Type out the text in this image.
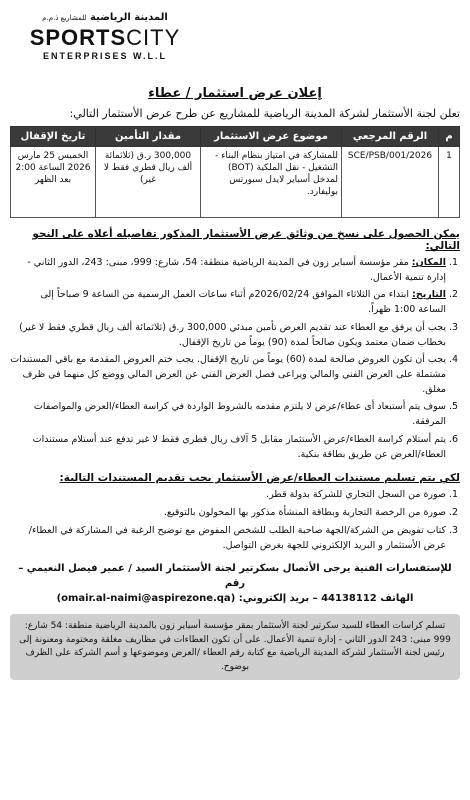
المدينة الرياضية للمشاريع ذ.م.م
SPORTSCITY
ENTERPRISES W.L.L
إعلان عرض استثمار / عطاء
تعلن لجنة الأستثمار لشركة المدينة الرياضية للمشاريع عن طرح عرض الأستثمار التالي:
م	الرقم المرجعي	موضوع عرض الاستثمار	مقدار التأمين	تاريخ الإقفال
1	SCE/PSB/001/2026	للمشاركة في امتياز بنظام البناء - التشغيل - نقل الملكية (BOT) لمدخل أسباير لايدل سبورتس بوليفارد.	300,000 ر.ق (ثلاثمائة ألف ريال قطري فقط لا غير)	الخميس 25 مارس 2026 الساعة 2:00 بعد الظهر
يمكن الحصول على نسخ من وثائق عرض الأستثمار المذكور تفاصيله أعلاه على النحو التالي:
1. المكان: مقر مؤسسة أسباير زون في المدينة الرياضية منطقة: 54، شارع: 999، مبنى: 243، الدور الثاني - إدارة تنمية الأعمال.
2. التاريخ: ابتداء من الثلاثاء الموافق 2026/02/24م أثناء ساعات العمل الرسمية من الساعة 9 صباحاً إلى الساعة 1:00 ظهراً.
3. يجب أن يرفق مع العطاء عند تقديم العرض تأمين مبدئي 300,000 ر.ق (ثلاثمائة ألف ريال قطري فقط لا غير) بخطاب ضمان معتمد ويكون صالحاً لمدة (90) يوماً من تاريخ الإقفال.
4. يجب أن تكون العروض صالحة لمدة (60) يوماً من تاريخ الإقفال. يجب ختم العروض المقدمة مع باقي المستندات مشتملة على العرض الفني والمالي ويراعى فصل العرض الفني عن العرض المالي ووضع كل منهما في ظرف مغلق.
5. سوف يتم أستبعاد أى عطاء/عرض لا يلتزم مقدمه بالشروط الواردة في كراسة العطاء/العرض والمواصفات المرفقة.
6. يتم أستلام كراسة العطاء/عرض الأستثمار مقابل 5 آلاف ريال قطري فقط لا غير تدفع عند أستلام مستندات العطاء/العرض عن طريق بطاقة بنكية.
لكي يتم تسليم مستندات العطاء/عرض الأستثمار يجب تقديم المستندات التالية:
1. صورة من السجل التجاري للشركة بدولة قطر.
2. صورة من الرخصة التجارية وبطاقة المنشأة مذكور بها المخولون بالتوقيع.
3. كتاب تفويض من الشركة/الجهة صاحبة الطلب للشخص المفوض مع توضيح الرغبة في المشاركة في العطاء/عرض الأستثمار و البريد الإلكتروني للجهة بغرض التواصل.
للإستفسارات الفنية يرجى الأتصال بسكرتير لجنة الأستثمار السيد / عمير فيصل النعيمي – رقم
الهاتف 44138112 – بريد إلكتروني: (omair.al-naimi@aspirezone.qa)
تسلم كراسات العطاء للسيد سكرتير لجنة الأستثمار بمقر مؤسسة أسباير زون بالمدينة الرياضية منطقة: 54 شارع: 999 مبنى: 243 الدور الثاني - إدارة تنمية الأعمال. على أن تكون العطاءات في مظاريف مغلقة ومختومة ومعنونة إلى رئيس لجنة الأستثمار لشركة المدينة الرياضية مع كتابة رقم العطاء /العرض وموضوعها و أسم الشركة على الظرف بوضوح.
